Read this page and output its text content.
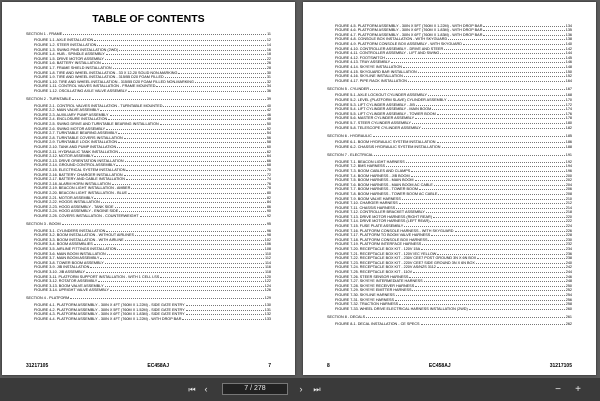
TABLE OF CONTENTS
SECTION 1 - FRAME	11
FIGURE 1-1. AXLE INSTALLATION	12
FIGURE 1-2. STEER INSTALLATION	14
FIGURE 1-3. SWING PINS INSTALLATION (2WD)	16
FIGURE 1-4. HUB - SPINDLE ASSEMBLY	18
FIGURE 1-5. DRIVE MOTOR ASSEMBLY	22
FIGURE 1-6. BATTERY INSTALLATION	26
FIGURE 1-7. FRAME SHIELD INSTALLATION	28
FIGURE 1-8. TIRE AND WHEEL INSTALLATION - 33 X 12-20 SOLID NON-MARKING	30
FIGURE 1-9. TIRE AND WHEEL INSTALLATION - 315/55 D20 FOAM FILLED	31
FIGURE 1-10. TIRE AND WHEEL INSTALLATION - 315/55 D20 FOAM FILLED NON-MARKING	32
FIGURE 1-11. CONTROL VALVES INSTALLATION - FRAME MOUNTED	34
FIGURE 1-12. OSCILLATING AXLE VALVE ASSEMBLY	36
SECTION 2 - TURNTABLE	39
FIGURE 2-1. CONTROL VALVES INSTALLATION - TURNTABLE MOUNTED	40
FIGURE 2-2. MAIN VALVE ASSEMBLY	42
FIGURE 2-3. AUXILIARY PUMP ASSEMBLY	46
FIGURE 2-4. ENCLOSURE INSTALLATION	48
FIGURE 2-5. SWING DRIVE AND TURNTABLE BEARING INSTALLATION	50
FIGURE 2-6. SWING MOTOR ASSEMBLY	52
FIGURE 2-7. TURNTABLE BEARING ASSEMBLY	54
FIGURE 2-8. TURNTABLE COVERS INSTALLATION	56
FIGURE 2-9. TURNTABLE LOCK INSTALLATION	58
FIGURE 2-10. TANK AND PUMP INSTALLATION	60
FIGURE 2-11. HYDRAULIC TANK INSTALLATION	62
FIGURE 2-12. MOTOR ASSEMBLY	64
FIGURE 2-13. DRIVE ORIENTATION INSTALLATION	66
FIGURE 2-14. GROUND CONTROL ASSEMBLY	68
FIGURE 2-15. ELECTRICAL SYSTEM INSTALLATION	70
FIGURE 2-16. BATTERY CHARGER INSTALLATION	72
FIGURE 2-17. BATTERY AND CABLE INSTALLATION	74
FIGURE 2-18. ALARM HORN INSTALLATION	76
FIGURE 2-19. BEACON LIGHT INSTALLATION - AMBER	78
FIGURE 2-20. BEACON LIGHT INSTALLATION - BLUE	80
FIGURE 2-21. MOTOR ASSEMBLY	82
FIGURE 2-22. HOODS INSTALLATION	84
FIGURE 2-23. HOOD ASSEMBLY - TANK SIDE	86
FIGURE 2-24. HOOD ASSEMBLY - ENGINE SIDE	90
FIGURE 2-25. COVERS INSTALLATION - COUNTERWEIGHT	92
SECTION 3 - BOOM	95
FIGURE 3-1. CYLINDERS INSTALLATION	96
FIGURE 3-2. BOOM INSTALLATION - WITHOUT AIRLINES	98
FIGURE 3-3. BOOM INSTALLATION - WITH AIRLINE	102
FIGURE 3-4. BOOM ASSEMBLIES	106
FIGURE 3-5. AIRLINE FITTINGS INSTALLATION	108
FIGURE 3-6. MAIN BOOM INSTALLATION	110
FIGURE 3-7. MAIN BOOM ASSEMBLY	112
FIGURE 3-8. TOWER BOOM ASSEMBLY	114
FIGURE 3-9. JIB INSTALLATION	116
FIGURE 3-10. JIB ASSEMBLY	118
FIGURE 3-11. PLATFORM SUPPORT INSTALLATION - WITH 1 CELL LSS	120
FIGURE 3-12. ROTATOR ASSEMBLY	122
FIGURE 3-13. BOOM VALVE ASSEMBLY	124
FIGURE 3-14. UPRIGHT VALVE ASSEMBLY	126
SECTION 4 - PLATFORM	129
FIGURE 4-1. PLATFORM ASSEMBLY - 30IN X 4FT (760M X 1.22M) - SIDE GATE ENTRY	130
FIGURE 4-2. PLATFORM ASSEMBLY - 30IN X 5FT (760M X 1.52M) - SIDE GATE ENTRY	131
FIGURE 4-3. PLATFORM ASSEMBLY - 30IN X 6FT (760M X 1.83M) - SIDE GATE ENTRY	132
FIGURE 4-4. PLATFORM ASSEMBLY - 30IN X 4FT (760M X 1.22M) - WITH DROP BAR	133
31217105	EC458AJ	7
FIGURE 4-5. PLATFORM ASSEMBLY - 30IN X 5FT (760M X 1.22M) - WITH DROP BAR	134
FIGURE 4-6. PLATFORM ASSEMBLY - 30IN X 6FT (760M X 1.83M) - WITH DROP BAR	135
FIGURE 4-7. PLATFORM ASSEMBLY - 30IN X 6FT (760M X 1.83M) - WITH DROP BAR	136
FIGURE 4-8. CONSOLE BOX INSTALLATION - WITH SKYGUARD	138
FIGURE 4-9. PLATFORM CONSOLE BOX ASSEMBLY - WITH SKYGUARD	140
FIGURE 4-10. CONTROLLER ASSEMBLY - DRIVE AND STEER	142
FIGURE 4-11. CONTROLLER ASSEMBLY - LIFT AND SWING	144
FIGURE 4-12. FOOTSWITCH	145
FIGURE 4-13. TRAY ASSEMBLY	146
FIGURE 4-14. SKYEYE INSTALLATION	148
FIGURE 4-15. SKYGUARD BAR INSTALLATION	150
FIGURE 4-16. SKYLINE INSTALLATION	152
FIGURE 4-17. PIPE RACK INSTALLATION	164
SECTION 5 - CYLINDER	167
FIGURE 5-1. AXLE LOCKOUT CYLINDER ASSEMBLY	168
FIGURE 5-2. LEVEL (PLATFORM SLAVE) CYLINDER ASSEMBLY	170
FIGURE 5-3. LIFT CYLINDER ASSEMBLY - JIB	172
FIGURE 5-4. LIFT CYLINDER ASSEMBLY - MAIN BOOM	174
FIGURE 5-5. LIFT CYLINDER ASSEMBLY - TOWER BOOM	176
FIGURE 5-6. MASTER CYLINDER ASSEMBLY	178
FIGURE 5-7. STEER CYLINDER ASSEMBLY	180
FIGURE 5-8. TELESCOPE CYLINDER ASSEMBLY	182
SECTION 6 - HYDRAULIC	185
FIGURE 6-1. BOOM HYDRAULIC SYSTEM INSTALLATION	186
FIGURE 6-2. CHASSIS HYDRAULIC SYSTEM INSTALLATION	188
SECTION 7 - ELECTRICAL	191
FIGURE 7-1. BEACON LIGHT HARNESS	192
FIGURE 7-2. BMS HARNESS	194
FIGURE 7-3. BOOM CABLES AND CLAMPS	196
FIGURE 7-4. BOOM HARNESS - JIB BOOM	200
FIGURE 7-5. BOOM HARNESS - MAIN BOOM	202
FIGURE 7-6. BOOM HARNESS - MAIN BOOM AC CABLE	204
FIGURE 7-7. BOOM HARNESS - TOWER BOOM	206
FIGURE 7-8. BOOM HARNESS - TOWER BOOM AC CABLE	208
FIGURE 7-9. BOOM VALVE HARNESS	210
FIGURE 7-10. CHARGER HARNESS	212
FIGURE 7-11. CHASSIS HARNESS	214
FIGURE 7-12. CONTROLLER BRACKET ASSEMBLY	218
FIGURE 7-13. DRIVE MOTOR HARNESS (RIGHT REAR)	220
FIGURE 7-14. DRIVE MOTOR HARNESS (LEFT REAR)	222
FIGURE 7-15. FUSE PLATE ASSEMBLY	224
FIGURE 7-16. PLATFORM CONSOLE HARNESS - WITH SKYGUARD	226
FIGURE 7-17. PLATFORM TO BOOM VALVE HARNESS	228
FIGURE 7-18. PLATFORM CONSOLE BOX HARNESS	230
FIGURE 7-19. PLATFORM INTERFACE HARNESS	232
FIGURE 7-20. RECEPTACLE BOX KIT - 120V 15A	234
FIGURE 7-21. RECEPTACLE BOX KIT - 120V IEC YELLOW	236
FIGURE 7-22. RECEPTACLE BOX KIT - 230V CEE7 POST GROUND 3N X 6N BOX	238
FIGURE 7-23. RECEPTACLE BOX KIT - 220V CEE7 SIDE GROUND 3N X 6N BOX	240
FIGURE 7-24. RECEPTACLE BOX KIT - 220V AS/NZS 3112	242
FIGURE 7-25. RECEPTACLE BOX KIT - 110V	244
FIGURE 7-26. STEER SENSOR HARNESS	246
FIGURE 7-27. SKYEYE INTERMEDIATE HARNESS	248
FIGURE 7-28. SKYEYE RECEIVER HARNESS	250
FIGURE 7-29. SKYEYE EMITTER HARNESS	252
FIGURE 7-30. SKYLINE HARNESS	254
FIGURE 7-31. SKYEYE HARNESS	256
FIGURE 7-32. TRACTION HARNESS	258
FIGURE 7-33. WHEEL DRIVE ELECTRICAL HARNESS INSTALLATION (2WD)	260
SECTION 8 - DECALS	261
FIGURE 8-1. DECAL INSTALLATION - CE SPECS	262
8	EC458AJ	31217105
⏮ ‹
7 / 278	›	⏭	−	+
